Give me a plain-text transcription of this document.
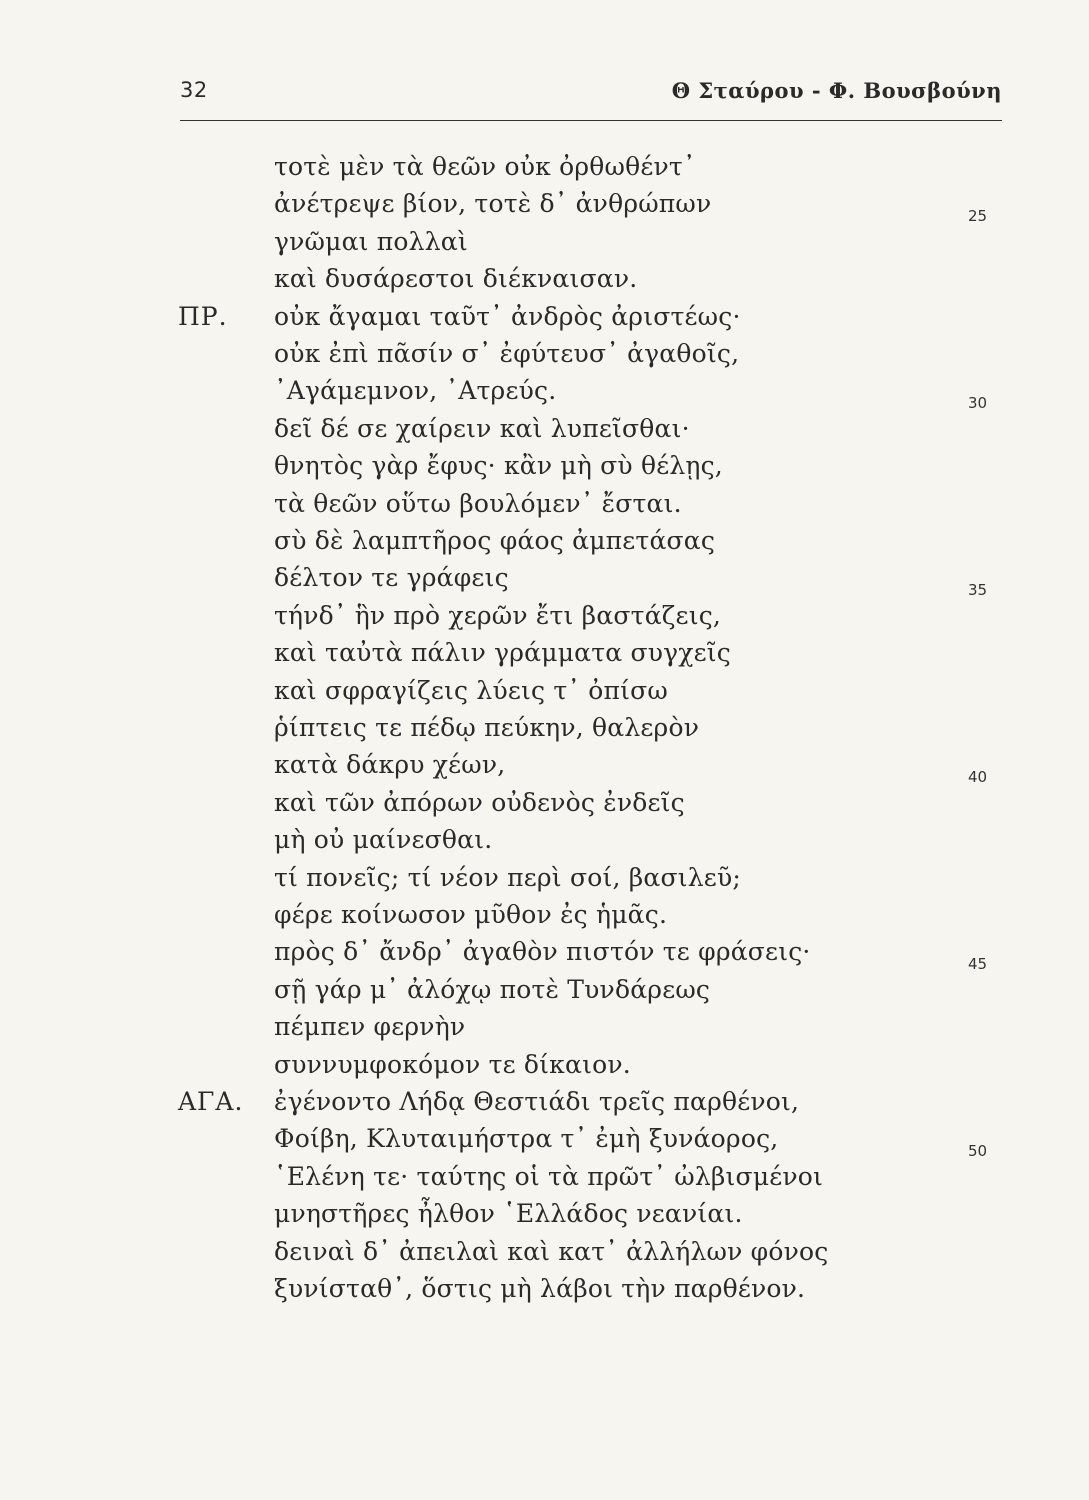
32	Θ Σταύρου - Φ. Βουσβούνη
τοτὲ μὲν τὰ θεῶν οὐκ ὀρθωθέντ᾽
ἀνέτρεψε βίον, τοτὲ δ᾽ ἀνθρώπων	25
γνῶμαι πολλαὶ
καὶ δυσάρεστοι διέκναισαν.
ΠΡ. οὐκ ἄγαμαι ταῦτ᾽ ἀνδρὸς ἀριστέως·
οὐκ ἐπὶ πᾶσίν σ᾽ ἐφύτευσ᾽ ἀγαθοῖς,
᾽Αγάμεμνον, ᾽Ατρεύς.	30
δεῖ δέ σε χαίρειν καὶ λυπεῖσθαι·
θνητὸς γὰρ ἔφυς· κἂν μὴ σὺ θέλῃς,
τὰ θεῶν οὕτω βουλόμεν᾽ ἔσται.
σὺ δὲ λαμπτῆρος φάος ἀμπετάσας
δέλτον τε γράφεις	35
τήνδ᾽ ἣν πρὸ χερῶν ἔτι βαστάζεις,
καὶ ταὐτὰ πάλιν γράμματα συγχεῖς
καὶ σφραγίζεις λύεις τ᾽ ὀπίσω
ῥίπτεις τε πέδῳ πεύκην, θαλερὸν
κατὰ δάκρυ χέων,	40
καὶ τῶν ἀπόρων οὐδενὸς ἐνδεῖς
μὴ οὐ μαίνεσθαι.
τί πονεῖς; τί νέον περὶ σοί, βασιλεῦ;
φέρε κοίνωσον μῦθον ἐς ἡμᾶς.
πρὸς δ᾽ ἄνδρ᾽ ἀγαθὸν πιστόν τε φράσεις·	45
σῇ γάρ μ᾽ ἀλόχῳ ποτὲ Τυνδάρεως
πέμπεν φερνὴν
συννυμφοκόμον τε δίκαιον.
ΑΓΑ. ἐγένοντο Λήδᾳ Θεστιάδι τρεῖς παρθένοι,
Φοίβη, Κλυταιμήστρα τ᾽ ἐμὴ ξυνάορος,	50
῾Ελένη τε· ταύτης οἱ τὰ πρῶτ᾽ ὠλβισμένοι
μνηστῆρες ἦλθον ῾Ελλάδος νεανίαι.
δειναὶ δ᾽ ἀπειλαὶ καὶ κατ᾽ ἀλλήλων φόνος
ξυνίσταθ᾽, ὅστις μὴ λάβοι τὴν παρθένον.
